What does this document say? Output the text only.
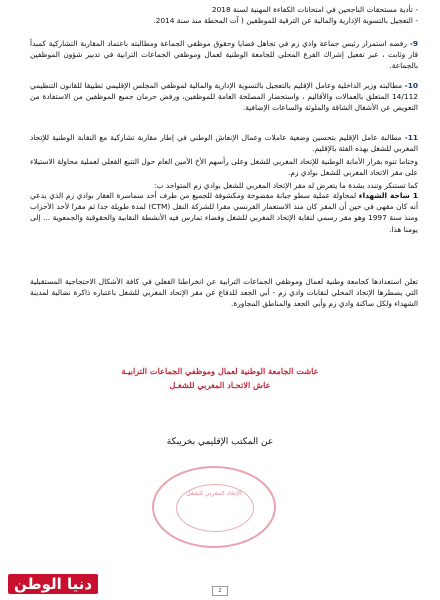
- تأدية مستحقات الناجحين في امتحانات الكفاءة المهنية لسنة 2018
- التعجيل بالتسوية الإدارية والمالية عن الترقية للموظفين ( آت المحطة منذ سنة 2014.
9- رفضه استمرار رئيس جماعة وادي زم في تجاهل قضايا وحقوق موظفي الجماعة ومطالبته باعتماد المقاربة التشاركية كمبدأ قار وثابت ، عبر تفعيل إشراك الفرع المحلي للجامعة الوطنية لعمال وموظفي الجماعات الترابية في تدبير شؤون الموظفين بالجماعة.
10- مطالبته وزير الداخلية وعامل الإقليم بالتعجيل بالتسوية الإدارية والمالية لموظفي المجلس الإقليمي تطبيقا للقانون التنظيمي 14/112 المتعلق بالعمالات والأقاليم ، واستحضار المصلحة العامة للموظفين، ورفض حرمان جميع الموظفين من الاستفادة من التعويض عن الأشغال الشاقة والملوثة والساعات الإضافية.
11- مطالبة عامل الإقليم بتحسين وضعية عاملات وعمال الإنعاش الوطني في إطار مقاربة تشاركية مع النقابة الوطنية للإتحاد المغربي للشغل بهذه الفئة بالإقليم.
وختاما تنوه بقرار الأمانة الوطنية للإتحاد المغربي للشغل وعلى رأسهم الأخ الأمين العام حول التتبع الفعلي لعملية محاولة الاستيلاء على مقر الاتحاد المغربي للشغل بوادي زم.
كما تستنكر وتندد بشدة ما يتعرض له مقر الإتحاد المغربي للشغل بوادي زم المتواجد ب:
1 ساحة الشهداء لمحاولة عملية سطو جبانة مفضوحة ومكشوفة للجميع من طرف أحد سماسرة العقار بوادي زم الذي يدعي أنه كان مقهى في حين أن المقر كان منذ الاستعمار الفرنسي مقرا للشركة النقل (CTM) لمدة طويلة جدا ثم مقرا لأحد الأحزاب ومنذ سنة 1997 وهو مقر رسمي لنقابة الإتحاد المغربي للشغل وفضاء تمارس فيه الأنشطة النقابية والحقوقية والجمعوية ... إلى يومنا هذا.
تعلن استعدادها كجامعة وطنية لعمال وموظفي الجماعات الترابية عن انخراطنا الفعلي في كافة الأشكال الاحتجاجية المستقبلية التي يسطرها الإتحاد المحلي لنقابات وادي زم - أبي الجعد للدفاع عن مقر الإتحاد المغربي للشغل باعتباره ذاكرة نضالية لمدينة الشهداء ولكل ساكنة وادي زم وأبي الجعد والمناطق المجاورة.
عاشت الجامعة الوطنية لعمال وموظفي الجماعات الترابيـة
عاش الاتحـاد المغربي للشغـل
عن المكتب الإقليمي بخريبكة
الإتحاد المغربي للشغل
2
دنيا الوطن
